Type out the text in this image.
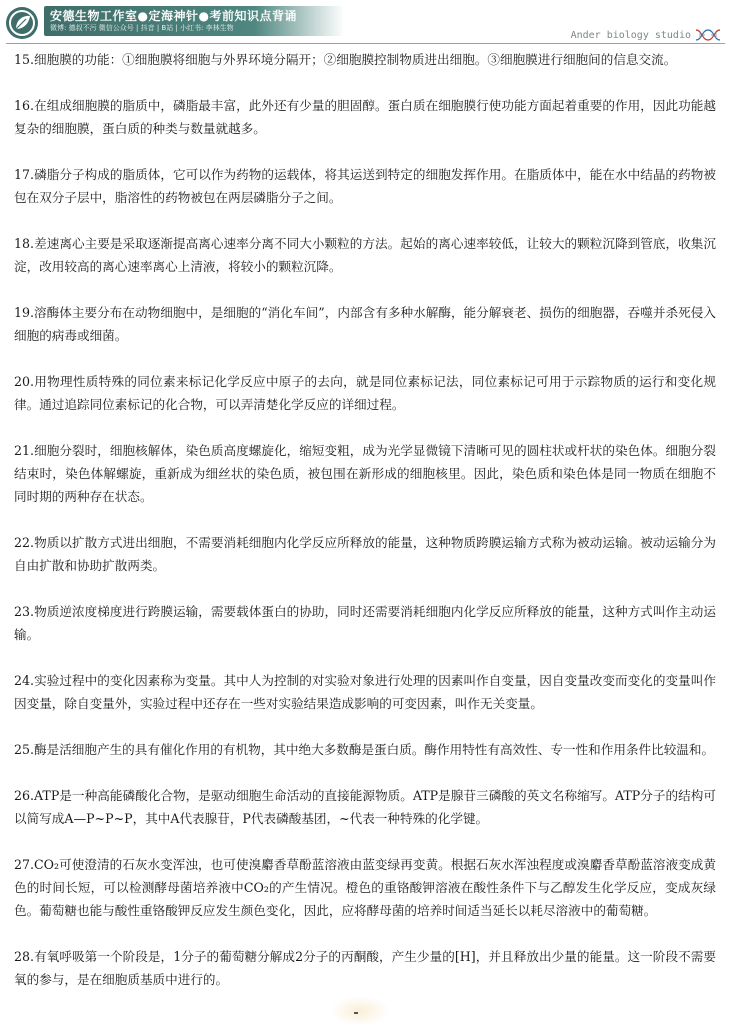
安德生物工作室●定海神针●考前知识点背诵
微博: 德叔不污 微信公众号 | 抖音 | B站 | 小红书: 李林生物
Ander biology studio

15.细胞膜的功能：①细胞膜将细胞与外界环境分隔开；②细胞膜控制物质进出细胞。③细胞膜进行细胞间的信息交流。

16.在组成细胞膜的脂质中，磷脂最丰富，此外还有少量的胆固醇。蛋白质在细胞膜行使功能方面起着重要的作用，因此功能越复杂的细胞膜，蛋白质的种类与数量就越多。

17.磷脂分子构成的脂质体，它可以作为药物的运载体，将其运送到特定的细胞发挥作用。在脂质体中，能在水中结晶的药物被包在双分子层中，脂溶性的药物被包在两层磷脂分子之间。

18.差速离心主要是采取逐渐提高离心速率分离不同大小颗粒的方法。起始的离心速率较低，让较大的颗粒沉降到管底，收集沉淀，改用较高的离心速率离心上清液，将较小的颗粒沉降。

19.溶酶体主要分布在动物细胞中，是细胞的“消化车间”，内部含有多种水解酶，能分解衰老、损伤的细胞器，吞噬并杀死侵入细胞的病毒或细菌。

20.用物理性质特殊的同位素来标记化学反应中原子的去向，就是同位素标记法，同位素标记可用于示踪物质的运行和变化规律。通过追踪同位素标记的化合物，可以弄清楚化学反应的详细过程。

21.细胞分裂时，细胞核解体，染色质高度螺旋化，缩短变粗，成为光学显微镜下清晰可见的圆柱状或杆状的染色体。细胞分裂结束时，染色体解螺旋，重新成为细丝状的染色质，被包围在新形成的细胞核里。因此，染色质和染色体是同一物质在细胞不同时期的两种存在状态。

22.物质以扩散方式进出细胞，不需要消耗细胞内化学反应所释放的能量，这种物质跨膜运输方式称为被动运输。被动运输分为自由扩散和协助扩散两类。

23.物质逆浓度梯度进行跨膜运输，需要载体蛋白的协助，同时还需要消耗细胞内化学反应所释放的能量，这种方式叫作主动运输。

24.实验过程中的变化因素称为变量。其中人为控制的对实验对象进行处理的因素叫作自变量，因自变量改变而变化的变量叫作因变量，除自变量外，实验过程中还存在一些对实验结果造成影响的可变因素，叫作无关变量。

25.酶是活细胞产生的具有催化作用的有机物，其中绝大多数酶是蛋白质。酶作用特性有高效性、专一性和作用条件比较温和。

26.ATP是一种高能磷酸化合物，是驱动细胞生命活动的直接能源物质。ATP是腺苷三磷酸的英文名称缩写。ATP分子的结构可以简写成A—P~P~P，其中A代表腺苷，P代表磷酸基团，~代表一种特殊的化学键。

27.CO₂可使澄清的石灰水变浑浊，也可使溴麝香草酚蓝溶液由蓝变绿再变黄。根据石灰水浑浊程度或溴麝香草酚蓝溶液变成黄色的时间长短，可以检测酵母菌培养液中CO₂的产生情况。橙色的重铬酸钾溶液在酸性条件下与乙醇发生化学反应，变成灰绿色。葡萄糖也能与酸性重铬酸钾反应发生颜色变化，因此，应将酵母菌的培养时间适当延长以耗尽溶液中的葡萄糖。

28.有氧呼吸第一个阶段是，1分子的葡萄糖分解成2分子的丙酮酸，产生少量的[H]，并且释放出少量的能量。这一阶段不需要氧的参与，是在细胞质基质中进行的。
